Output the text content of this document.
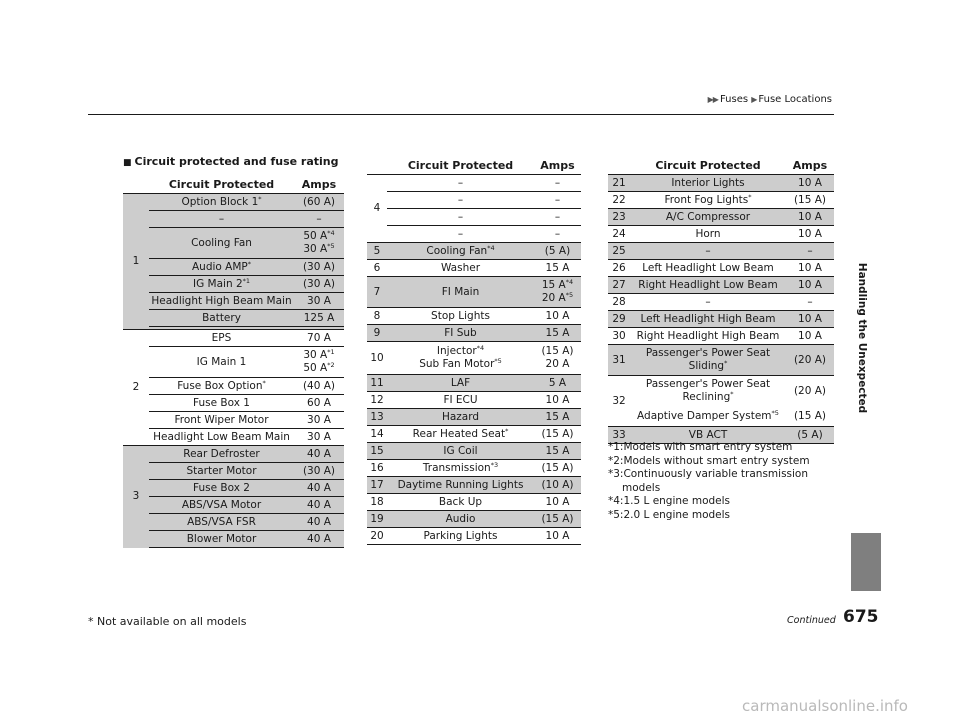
▶▶ Fuses ▶ Fuse Locations
Handling the Unexpected
■ Circuit protected and fuse rating
	Circuit Protected	Amps
1	Option Block 1*	(60 A)
	–	–
	Cooling Fan	50 $A^{*4}$
30 $A^{*5}$
	Audio AMP*	(30 A)
	IG Main 2$^{*1}$	(30 A)
	Headlight High Beam Main	30 A
	Battery	125 A

2	EPS	70 A
	IG Main 1	30 $A^{*1}$
50 $A^{*2}$
	Fuse Box Option*	(40 A)
	Fuse Box 1	60 A
	Front Wiper Motor	30 A
	Headlight Low Beam Main	30 A
3	Rear Defroster	40 A
	Starter Motor	(30 A)
	Fuse Box 2	40 A
	ABS/VSA Motor	40 A
	ABS/VSA FSR	40 A
	Blower Motor	40 A
	Circuit Protected	Amps
4	–	–
	–	–
	–	–
	–	–
5	Cooling Fan$^{*4}$	(5 A)
6	Washer	15 A
7	FI Main	15 $A^{*4}$
20 $A^{*5}$
8	Stop Lights	10 A
9	FI Sub	15 A
10	Injector$^{*4}$
Sub Fan Motor$^{*5}$	(15 A)
20 A
11	LAF	5 A
12	FI ECU	10 A
13	Hazard	15 A
14	Rear Heated Seat*	(15 A)
15	IG Coil	15 A
16	Transmission$^{*3}$	(15 A)
17	Daytime Running Lights	(10 A)
18	Back Up	10 A
19	Audio	(15 A)
20	Parking Lights	10 A
	Circuit Protected	Amps
21	Interior Lights	10 A
22	Front Fog Lights*	(15 A)
23	A/C Compressor	10 A
24	Horn	10 A
25	–	–
26	Left Headlight Low Beam	10 A
27	Right Headlight Low Beam	10 A
28	–	–
29	Left Headlight High Beam	10 A
30	Right Headlight High Beam	10 A
31	Passenger's Power Seat
Sliding*	(20 A)
32	Passenger's Power Seat
Reclining*	(20 A)
	Adaptive Damper System$^{*5}$	(15 A)
33	VB ACT	(5 A)
*1:Models with smart entry system
*2:Models without smart entry system
*3:Continuously variable transmission
models
*4:1.5 L engine models
*5:2.0 L engine models
* Not available on all models	Continued 675
carmanualsonline.info
